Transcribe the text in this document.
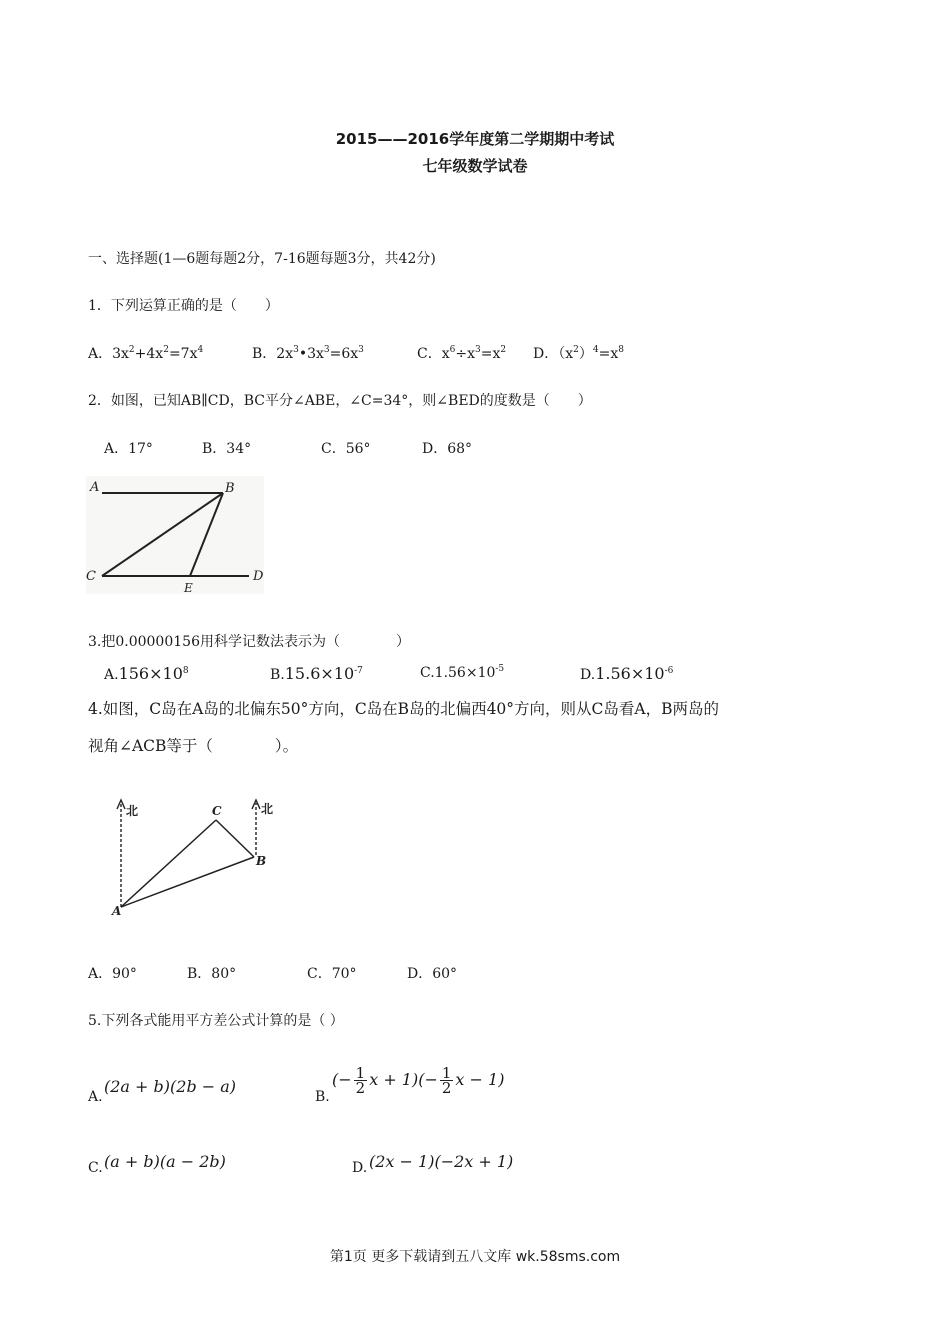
2015——2016学年度第二学期期中考试
七年级数学试卷
一、选择题(1—6题每题2分，7-16题每题3分，共42分)
1．下列运算正确的是（　　）
A．$3x^2+4x^2=7x^4$	B．$2x^3•3x^3=6x^3$	C．$x^6\div x^3=x^2$ D．$(x^2)^4=x^8$
2．如图，已知AB∥CD，BC平分∠ABE，∠C=34°，则∠BED的度数是（　　）
A．17°	B．34°	C．56°	D．68°
A	B
C	D
E
3.把0.00000156用科学记数法表示为（　　　　）
$A.156\times 10^8$	$B.15.6\times 10^{-7}$	$C.1.56\times 10^{-5}$	$D.1.56\times 10^{-6}$
4.如图，C岛在A岛的北偏东50°方向，C岛在B岛的北偏西40°方向，则从C岛看A，B两岛的
视角∠ACB等于（　　　　）。
北	北
C
B
A
A．90°	B．80°	C．70°	D．60°
5.下列各式能用平方差公式计算的是（ ）
A.
(2a + b)(2b − a)
B.
(− $\frac{1}{2}$ $x + 1)(- \frac{1}{2}$ x − 1)
C. (a + b)(a − 2b)	D. (2x − 1)(−2x + 1)
第1页 更多下载请到五八文库 wk.58sms.com
